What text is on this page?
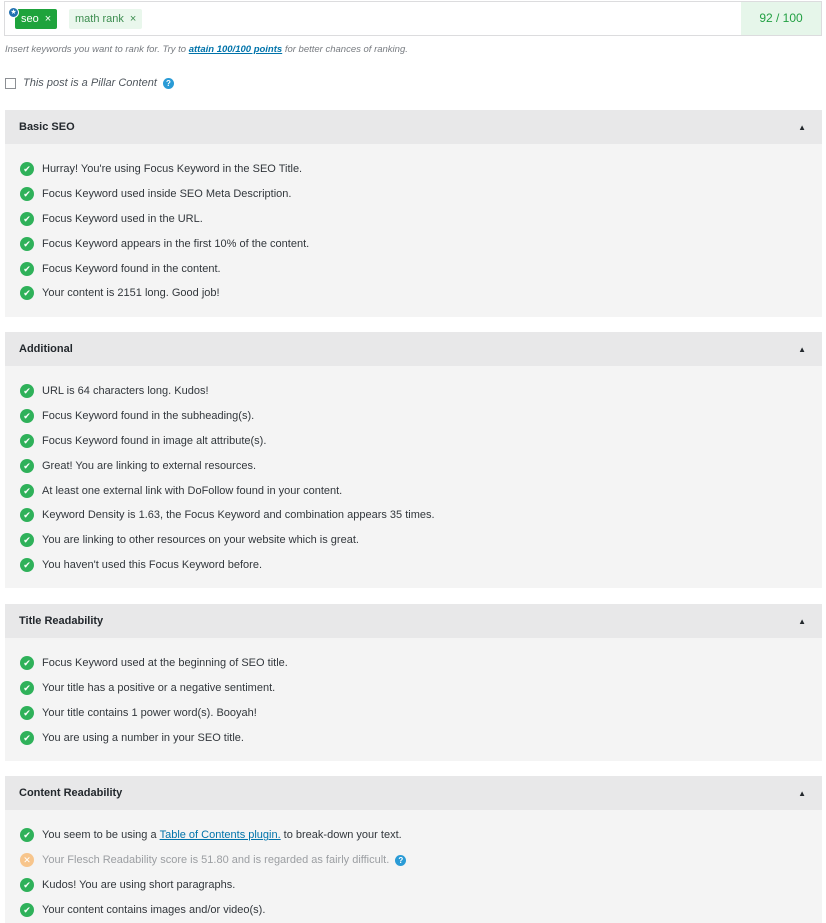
★
seo ×	math rank ×	92 / 100
Insert keywords you want to rank for. Try to attain 100/100 points for better chances of ranking.
This post is a Pillar Content	?
Basic SEO	▲
✔ Hurray! You're using Focus Keyword in the SEO Title.
✔ Focus Keyword used inside SEO Meta Description.
✔ Focus Keyword used in the URL.
✔ Focus Keyword appears in the first 10% of the content.
✔ Focus Keyword found in the content.
✔ Your content is 2151 long. Good job!
Additional	▲
✔ URL is 64 characters long. Kudos!
✔ Focus Keyword found in the subheading(s).
✔ Focus Keyword found in image alt attribute(s).
✔ Great! You are linking to external resources.
✔ At least one external link with DoFollow found in your content.
✔ Keyword Density is 1.63, the Focus Keyword and combination appears 35 times.
✔ You are linking to other resources on your website which is great.
✔ You haven't used this Focus Keyword before.
Title Readability	▲
✔ Focus Keyword used at the beginning of SEO title.
✔ Your title has a positive or a negative sentiment.
✔ Your title contains 1 power word(s). Booyah!
✔ You are using a number in your SEO title.
Content Readability	▲
✔ You seem to be using a Table of Contents plugin. to break-down your text.
✕ Your Flesch Readability score is 51.80 and is regarded as fairly difficult.	?
✔ Kudos! You are using short paragraphs.
✔ Your content contains images and/or video(s).
